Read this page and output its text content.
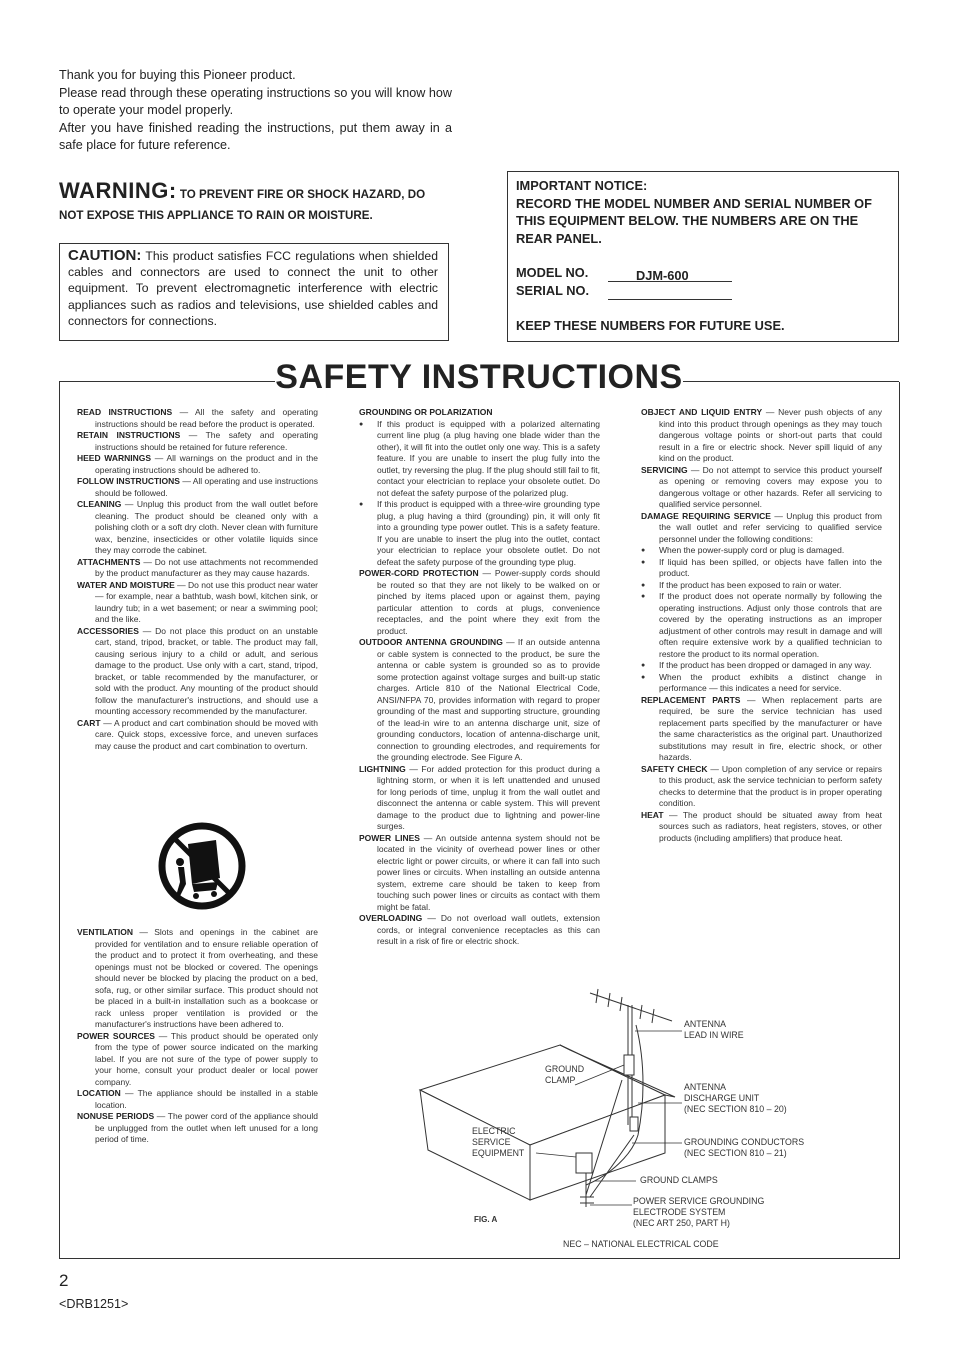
Thank you for buying this Pioneer product.

Please read through these operating instructions so you will know how to operate your model properly.

After you have finished reading the instructions, put them away in a safe place for future reference.

WARNING: TO PREVENT FIRE OR SHOCK HAZARD, DO NOT EXPOSE THIS APPLIANCE TO RAIN OR MOISTURE.
CAUTION: This product satisfies FCC regulations when shielded cables and connectors are used to connect the unit to other equipment. To prevent electromagnetic interference with electric appliances such as radios and televisions, use shielded cables and connectors for connections.
IMPORTANT NOTICE:
RECORD THE MODEL NUMBER AND SERIAL NUMBER OF THIS EQUIPMENT BELOW. THE NUMBERS ARE ON THE REAR PANEL.
MODEL NO.	DJM-600
SERIAL NO.
KEEP THESE NUMBERS FOR FUTURE USE.
SAFETY INSTRUCTIONS

READ INSTRUCTIONS — All the safety and operating instructions should be read before the product is operated.

RETAIN INSTRUCTIONS — The safety and operating instructions should be retained for future reference.

HEED WARNINGS — All warnings on the product and in the operating instructions should be adhered to.

FOLLOW INSTRUCTIONS — All operating and use instructions should be followed.

CLEANING — Unplug this product from the wall outlet before cleaning. The product should be cleaned only with a polishing cloth or a soft dry cloth. Never clean with furniture wax, benzine, insecticides or other volatile liquids since they may corrode the cabinet.

ATTACHMENTS — Do not use attachments not recommended by the product manufacturer as they may cause hazards.

WATER AND MOISTURE — Do not use this product near water — for example, near a bathtub, wash bowl, kitchen sink, or laundry tub; in a wet basement; or near a swimming pool; and the like.

ACCESSORIES — Do not place this product on an unstable cart, stand, tripod, bracket, or table. The product may fall, causing serious injury to a child or adult, and serious damage to the product. Use only with a cart, stand, tripod, bracket, or table recommended by the manufacturer, or sold with the product. Any mounting of the product should follow the manufacturer's instructions, and should use a mounting accessory recommended by the manufacturer.

CART — A product and cart combination should be moved with care. Quick stops, excessive force, and uneven surfaces may cause the product and cart combination to overturn.

VENTILATION — Slots and openings in the cabinet are provided for ventilation and to ensure reliable operation of the product and to protect it from overheating, and these openings must not be blocked or covered. The openings should never be blocked by placing the product on a bed, sofa, rug, or other similar surface. This product should not be placed in a built-in installation such as a bookcase or rack unless proper ventilation is provided or the manufacturer's instructions have been adhered to.

POWER SOURCES — This product should be operated only from the type of power source indicated on the marking label. If you are not sure of the type of power supply to your home, consult your product dealer or local power company.

LOCATION — The appliance should be installed in a stable location.

NONUSE PERIODS — The power cord of the appliance should be unplugged from the outlet when left unused for a long period of time.

GROUNDING OR POLARIZATION

● If this product is equipped with a polarized alternating current line plug (a plug having one blade wider than the other), it will fit into the outlet only one way. This is a safety feature. If you are unable to insert the plug fully into the outlet, try reversing the plug. If the plug should still fail to fit, contact your electrician to replace your obsolete outlet. Do not defeat the safety purpose of the polarized plug.

● If this product is equipped with a three-wire grounding type plug, a plug having a third (grounding) pin, it will only fit into a grounding type power outlet. This is a safety feature. If you are unable to insert the plug into the outlet, contact your electrician to replace your obsolete outlet. Do not defeat the safety purpose of the grounding type plug.

POWER-CORD PROTECTION — Power-supply cords should be routed so that they are not likely to be walked on or pinched by items placed upon or against them, paying particular attention to cords at plugs, convenience receptacles, and the point where they exit from the product.

OUTDOOR ANTENNA GROUNDING — If an outside antenna or cable system is connected to the product, be sure the antenna or cable system is grounded so as to provide some protection against voltage surges and built-up static charges. Article 810 of the National Electrical Code, ANSI/NFPA 70, provides information with regard to proper grounding of the mast and supporting structure, grounding of the lead-in wire to an antenna discharge unit, size of grounding conductors, location of antenna-discharge unit, connection to grounding electrodes, and requirements for the grounding electrode. See Figure A.

LIGHTNING — For added protection for this product during a lightning storm, or when it is left unattended and unused for long periods of time, unplug it from the wall outlet and disconnect the antenna or cable system. This will prevent damage to the product due to lightning and power-line surges.

POWER LINES — An outside antenna system should not be located in the vicinity of overhead power lines or other electric light or power circuits, or where it can fall into such power lines or circuits. When installing an outside antenna system, extreme care should be taken to keep from touching such power lines or circuits as contact with them might be fatal.

OVERLOADING — Do not overload wall outlets, extension cords, or integral convenience receptacles as this can result in a risk of fire or electric shock.

OBJECT AND LIQUID ENTRY — Never push objects of any kind into this product through openings as they may touch dangerous voltage points or short-out parts that could result in a fire or electric shock. Never spill liquid of any kind on the product.

SERVICING — Do not attempt to service this product yourself as opening or removing covers may expose you to dangerous voltage or other hazards. Refer all servicing to qualified service personnel.

DAMAGE REQUIRING SERVICE — Unplug this product from the wall outlet and refer servicing to qualified service personnel under the following conditions:

● When the power-supply cord or plug is damaged.

● If liquid has been spilled, or objects have fallen into the product.

● If the product has been exposed to rain or water.

● If the product does not operate normally by following the operating instructions. Adjust only those controls that are covered by the operating instructions as an improper adjustment of other controls may result in damage and will often require extensive work by a qualified technician to restore the product to its normal operation.

● If the product has been dropped or damaged in any way.

● When the product exhibits a distinct change in performance — this indicates a need for service.

REPLACEMENT PARTS — When replacement parts are required, be sure the service technician has used replacement parts specified by the manufacturer or have the same characteristics as the original part. Unauthorized substitutions may result in fire, electric shock, or other hazards.

SAFETY CHECK — Upon completion of any service or repairs to this product, ask the service technician to perform safety checks to determine that the product is in proper operating condition.

HEAT — The product should be situated away from heat sources such as radiators, heat registers, stoves, or other products (including amplifiers) that produce heat.

ANTENNA
LEAD IN WIRE
GROUND
CLAMP
ANTENNA
DISCHARGE UNIT
(NEC SECTION 810 – 20)
ELECTRIC
SERVICE
EQUIPMENT
GROUNDING CONDUCTORS
(NEC SECTION 810 – 21)
GROUND CLAMPS
POWER SERVICE GROUNDING
ELECTRODE SYSTEM
(NEC ART 250, PART H)
FIG. A
NEC – NATIONAL ELECTRICAL CODE
2
<DRB1251>
